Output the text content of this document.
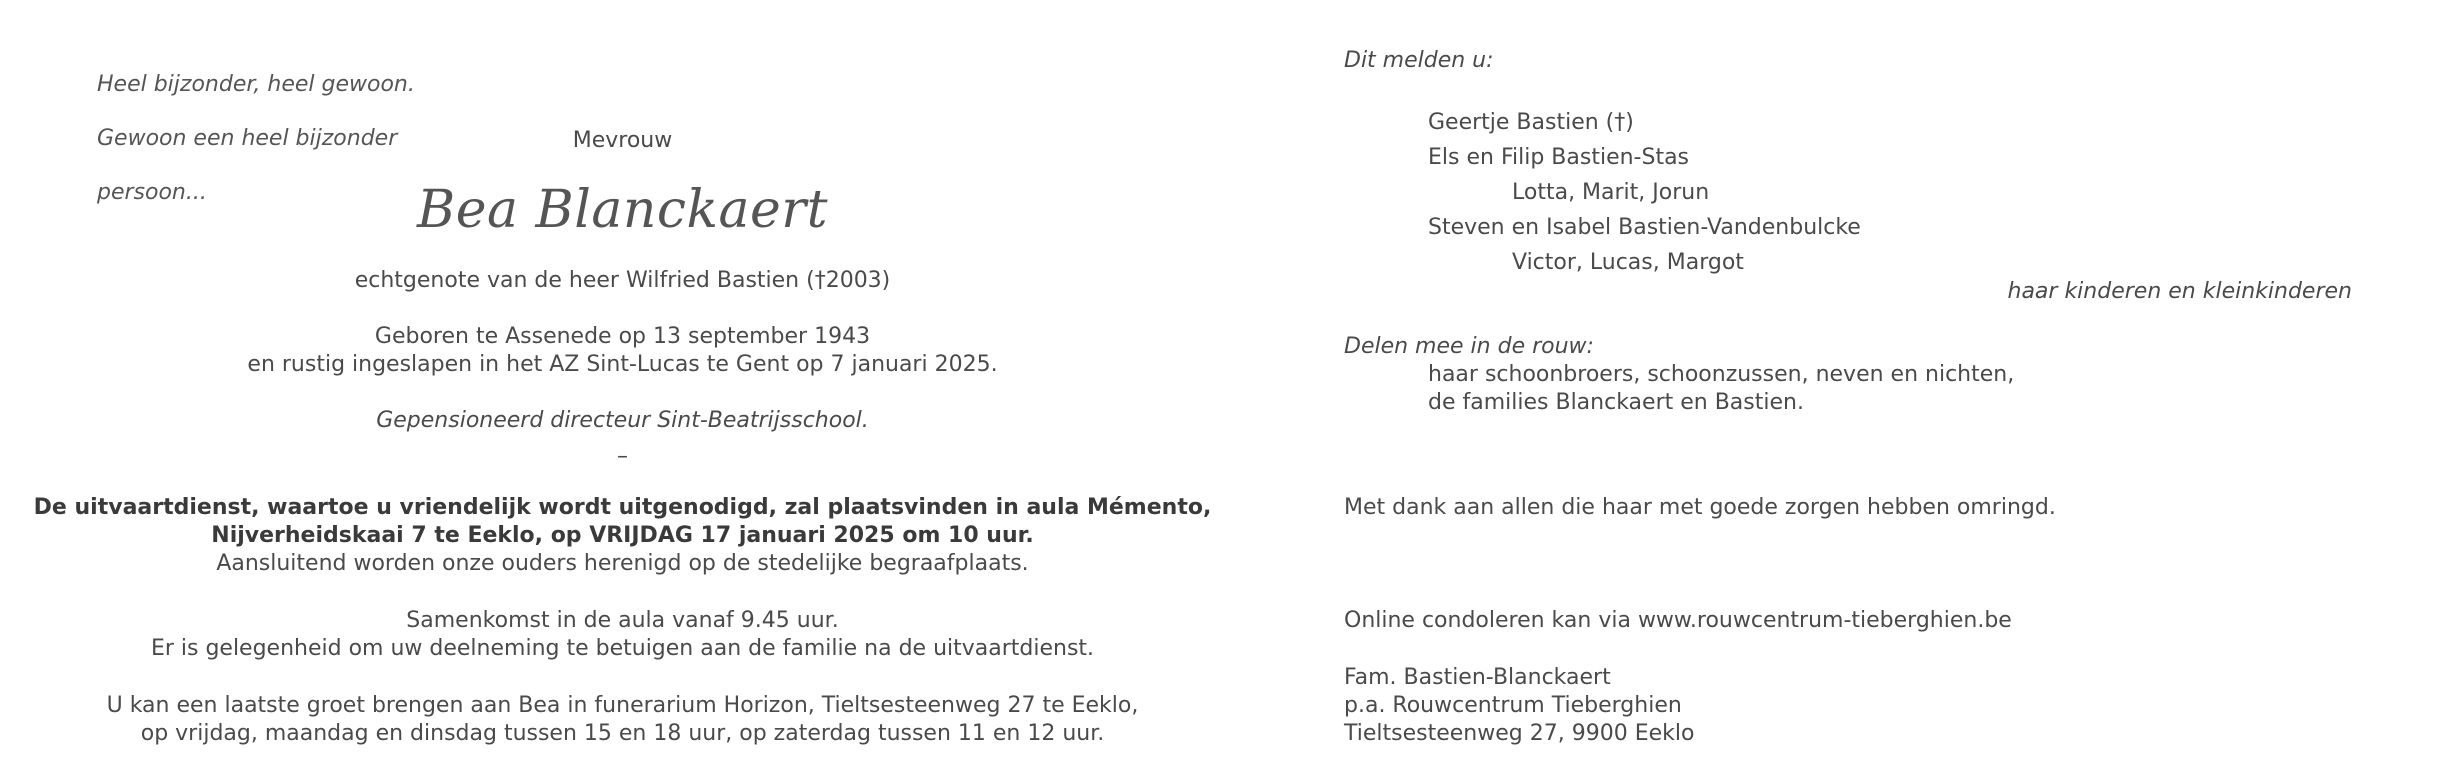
Heel bijzonder, heel gewoon.

Gewoon een heel bijzonder

persoon...

Mevrouw
Bea Blanckaert
echtgenote van de heer Wilfried Bastien (†2003)
Geboren te Assenede op 13 september 1943
en rustig ingeslapen in het AZ Sint-Lucas te Gent op 7 januari 2025.
Gepensioneerd directeur Sint-Beatrijsschool.
–
De uitvaartdienst, waartoe u vriendelijk wordt uitgenodigd, zal plaatsvinden in aula Mémento,
Nijverheidskaai 7 te Eeklo, op VRIJDAG 17 januari 2025 om 10 uur.
Aansluitend worden onze ouders herenigd op de stedelijke begraafplaats.
Samenkomst in de aula vanaf 9.45 uur.
Er is gelegenheid om uw deelneming te betuigen aan de familie na de uitvaartdienst.
U kan een laatste groet brengen aan Bea in funerarium Horizon, Tieltsesteenweg 27 te Eeklo,
op vrijdag, maandag en dinsdag tussen 15 en 18 uur, op zaterdag tussen 11 en 12 uur.
Dit melden u:
Geertje Bastien (†)
Els en Filip Bastien-Stas
Lotta, Marit, Jorun
Steven en Isabel Bastien-Vandenbulcke
Victor, Lucas, Margot
haar kinderen en kleinkinderen
Delen mee in de rouw:
haar schoonbroers, schoonzussen, neven en nichten,
de families Blanckaert en Bastien.
Met dank aan allen die haar met goede zorgen hebben omringd.
Online condoleren kan via www.rouwcentrum-tieberghien.be
Fam. Bastien-Blanckaert
p.a. Rouwcentrum Tieberghien
Tieltsesteenweg 27, 9900 Eeklo
